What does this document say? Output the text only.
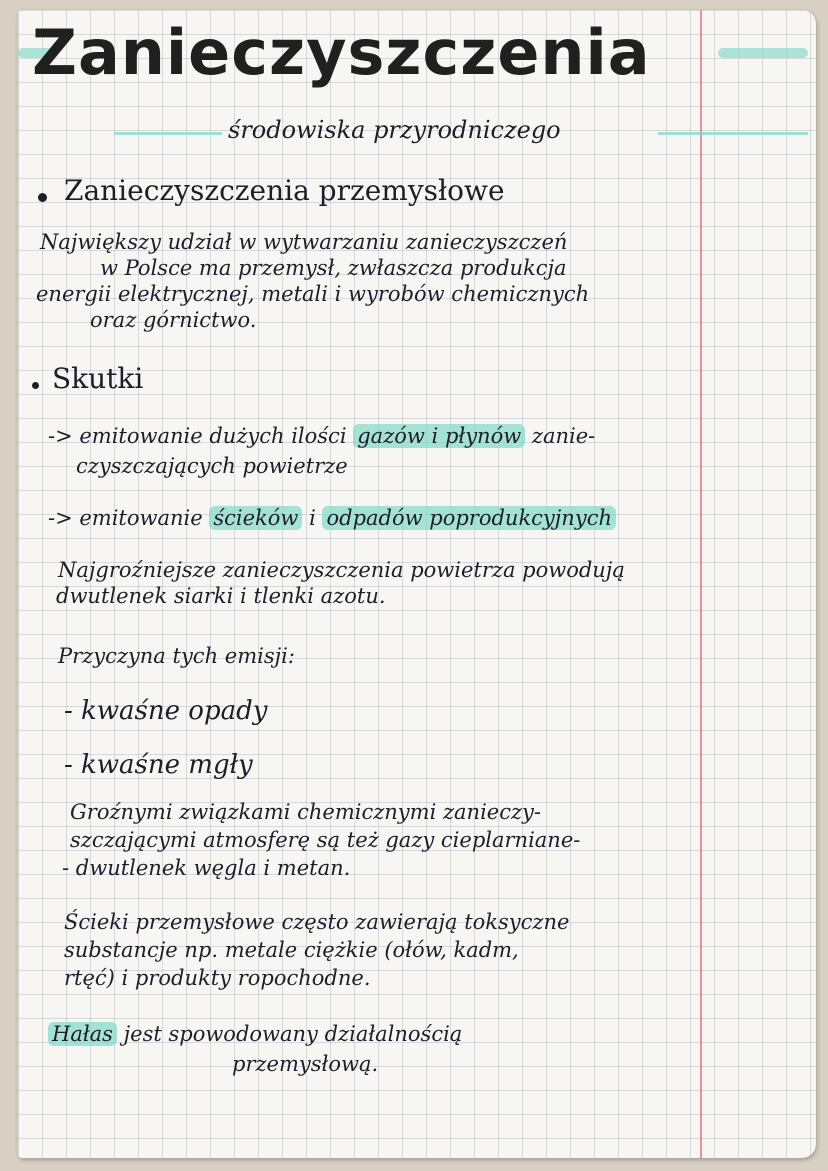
Zanieczyszczenia
środowiska przyrodniczego
Zanieczyszczenia przemysłowe
Największy udział w wytwarzaniu zanieczyszczeń
w Polsce ma przemysł, zwłaszcza produkcja
energii elektrycznej, metali i wyrobów chemicznych
oraz górnictwo.
Skutki
-> emitowanie dużych ilości gazów i płynów zanie-
czyszczających powietrze
-> emitowanie ścieków i odpadów poprodukcyjnych
Najgroźniejsze zanieczyszczenia powietrza powodują
dwutlenek siarki i tlenki azotu.
Przyczyna tych emisji:
- kwaśne opady
- kwaśne mgły
Groźnymi związkami chemicznymi zanieczy-
szczającymi atmosferę są też gazy cieplarniane-
- dwutlenek węgla i metan.
Ścieki przemysłowe często zawierają toksyczne
substancje np. metale ciężkie (ołów, kadm,
rtęć) i produkty ropochodne.
Hałas jest spowodowany działalnością
przemysłową.
